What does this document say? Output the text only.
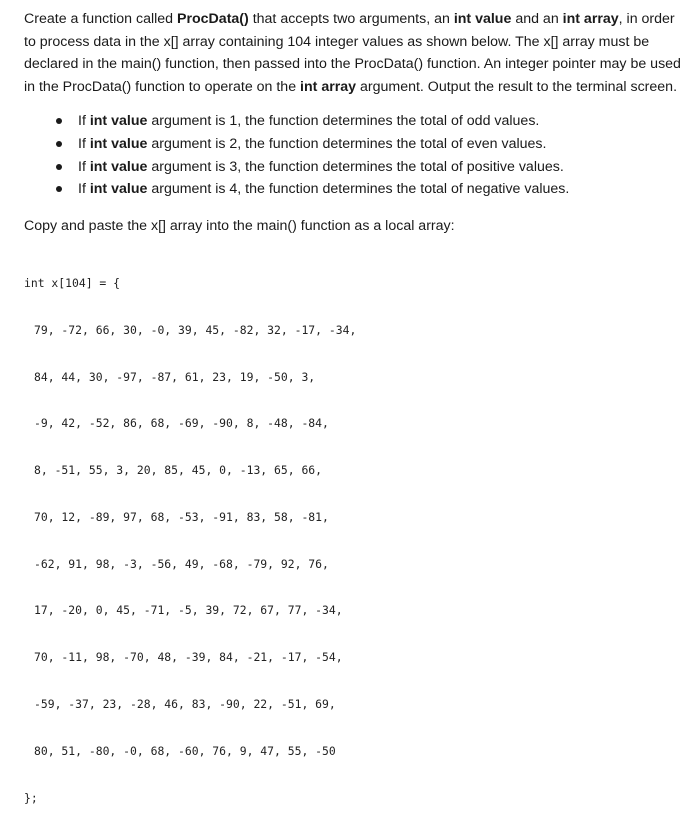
Create a function called ProcData() that accepts two arguments, an int value and an int array, in order to process data in the x[] array containing 104 integer values as shown below. The x[] array must be declared in the main() function, then passed into the ProcData() function. An integer pointer may be used in the ProcData() function to operate on the int array argument. Output the result to the terminal screen.

If int value argument is 1, the function determines the total of odd values.
If int value argument is 2, the function determines the total of even values.
If int value argument is 3, the function determines the total of positive values.
If int value argument is 4, the function determines the total of negative values.

Copy and paste the x[] array into the main() function as a local array:

int x[104] = {

79, -72, 66, 30, -0, 39, 45, -82, 32, -17, -34,

84, 44, 30, -97, -87, 61, 23, 19, -50, 3,

-9, 42, -52, 86, 68, -69, -90, 8, -48, -84,

8, -51, 55, 3, 20, 85, 45, 0, -13, 65, 66,

70, 12, -89, 97, 68, -53, -91, 83, 58, -81,

-62, 91, 98, -3, -56, 49, -68, -79, 92, 76,

17, -20, 0, 45, -71, -5, 39, 72, 67, 77, -34,

70, -11, 98, -70, 48, -39, 84, -21, -17, -54,

-59, -37, 23, -28, 46, 83, -90, 22, -51, 69,

80, 51, -80, -0, 68, -60, 76, 9, 47, 55, -50

};
